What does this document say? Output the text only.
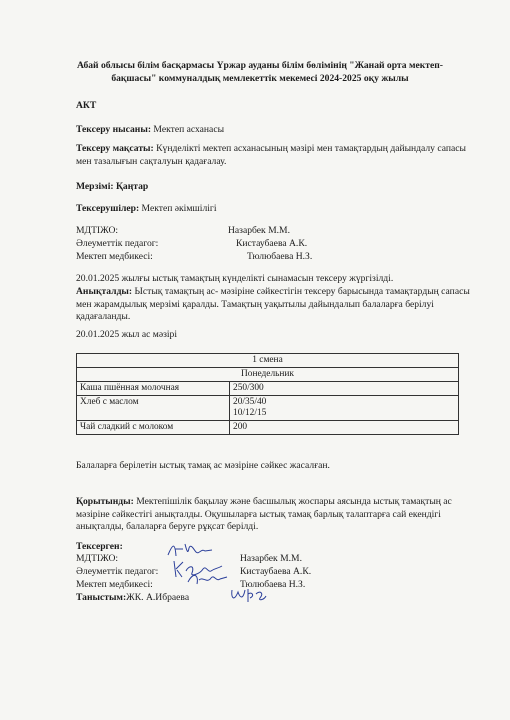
Абай облысы білім басқармасы Үржар ауданы білім бөлімінің "Жанай орта мектеп-бақшасы" коммуналдық мемлекеттік мекемесі 2024-2025 оқу жылы
АКТ
Тексеру нысаны: Мектеп асханасы
Тексеру мақсаты: Күнделікті мектеп асханасының мәзірі мен тамақтардың дайындалу сапасы мен тазалығын сақталуын қадағалау.
Мерзімі: Қаңтар
Тексерушілер: Мектеп әкімшілігі
МДТІЖО:	Назарбек М.М.
Әлеуметтік педагог:	Кистаубаева А.К.
Мектеп медбикесі:	Тюлюбаева Н.З.
20.01.2025 жылғы ыстық тамақтың күнделікті сынамасын тексеру жүргізілді.
Анықталды: Ыстық тамақтың ас- мәзіріне сәйкестігін тексеру барысында тамақтардың сапасы мен жарамдылық мерзімі қаралды. Тамақтың уақытылы дайындалып балаларға берілуі қадағаланды.
20.01.2025 жыл ас мәзірі
1 смена	
Понедельник	
Каша пшённая молочная	250/300
Хлеб с маслом	20/35/40
10/12/15

Чай сладкий с молоком	200
Балаларға берілетін ыстық тамақ ас мәзіріне сәйкес жасалған.
Қорытынды: Мектепішілік бақылау және басшылық жоспары аясында ыстық тамақтың ас мәзіріне сәйкестігі анықталды. Оқушыларға ыстық тамақ барлық талаптарға сай екендігі анықталды, балаларға беруге рұқсат берілді.
Тексерген:
МДТІЖО:	Назарбек М.М.
Әлеуметтік педагог:	Кистаубаева А.К.
Мектеп медбикесі:	Тюлюбаева Н.З.
Таныстым:ЖК. А.Ибраева
